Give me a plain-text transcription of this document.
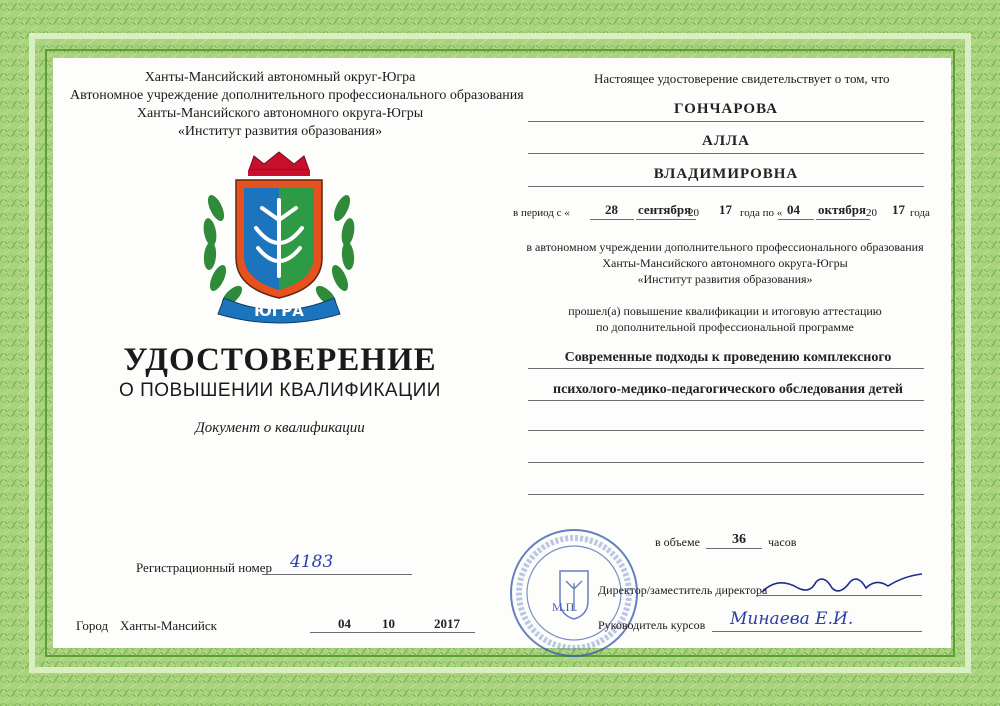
Ханты-Мансийский автономный округ-Югра
Автономное учреждение дополнительного профессионального образования
Ханты-Мансийского автономного округа-Югры
«Институт развития образования»
ЮГРА
УДОСТОВЕРЕНИЕ
О ПОВЫШЕНИИ КВАЛИФИКАЦИИ
Документ о квалификации
Регистрационный номер 4183
Город Ханты-Мансийск	04 10	2017
Настоящее удостоверение свидетельствует о том, что
ГОНЧАРОВА
АЛЛА
ВЛАДИМИРОВНА
в период с «	28 сентября
20 17 года по « 04 октября 20 17 года
в автономном учреждении дополнительного профессионального образования
Ханты-Мансийского автономного округа-Югры
«Институт развития образования»
прошел(а) повышение квалификации и итоговую аттестацию
по дополнительной профессиональной программе
Современные подходы к проведению комплексного
психолого-медико-педагогического обследования детей
в объеме 36 часов
М.П.
Директор/заместитель директора
Руководитель курсов Минаева Е.И.
